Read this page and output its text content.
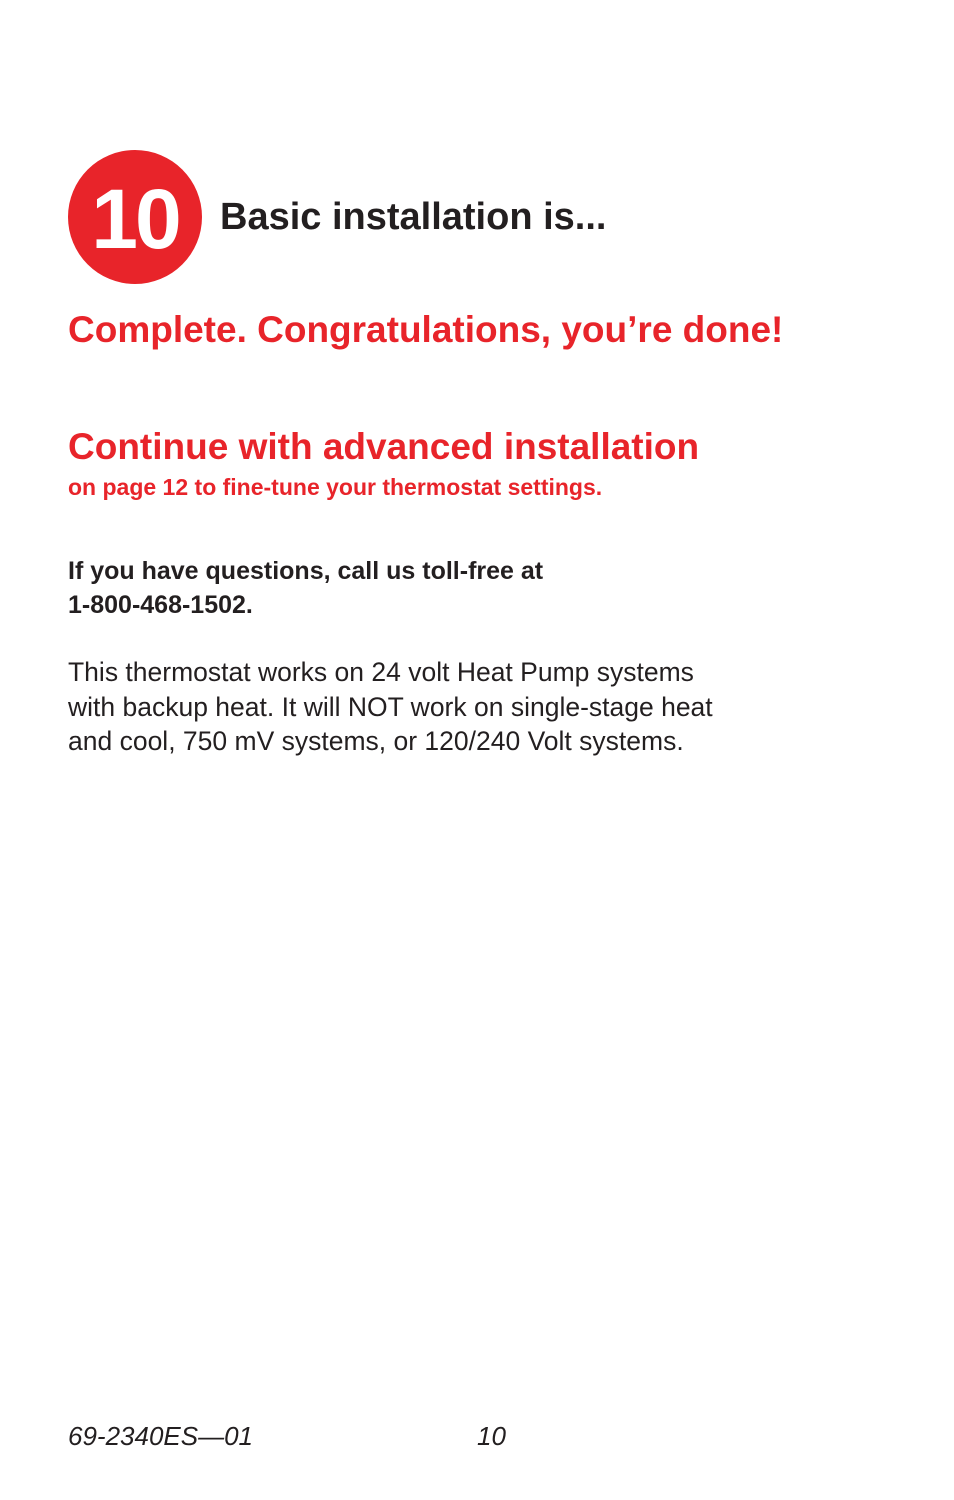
10 Basic installation is...
Complete. Congratulations, you’re done!
Continue with advanced installation
on page 12 to fine-tune your thermostat settings.
If you have questions, call us toll-free at
1-800-468-1502.
This thermostat works on 24 volt Heat Pump systems
with backup heat. It will NOT work on single-stage heat
and cool, 750 mV systems, or 120/240 Volt systems.
69-2340ES—01	10
